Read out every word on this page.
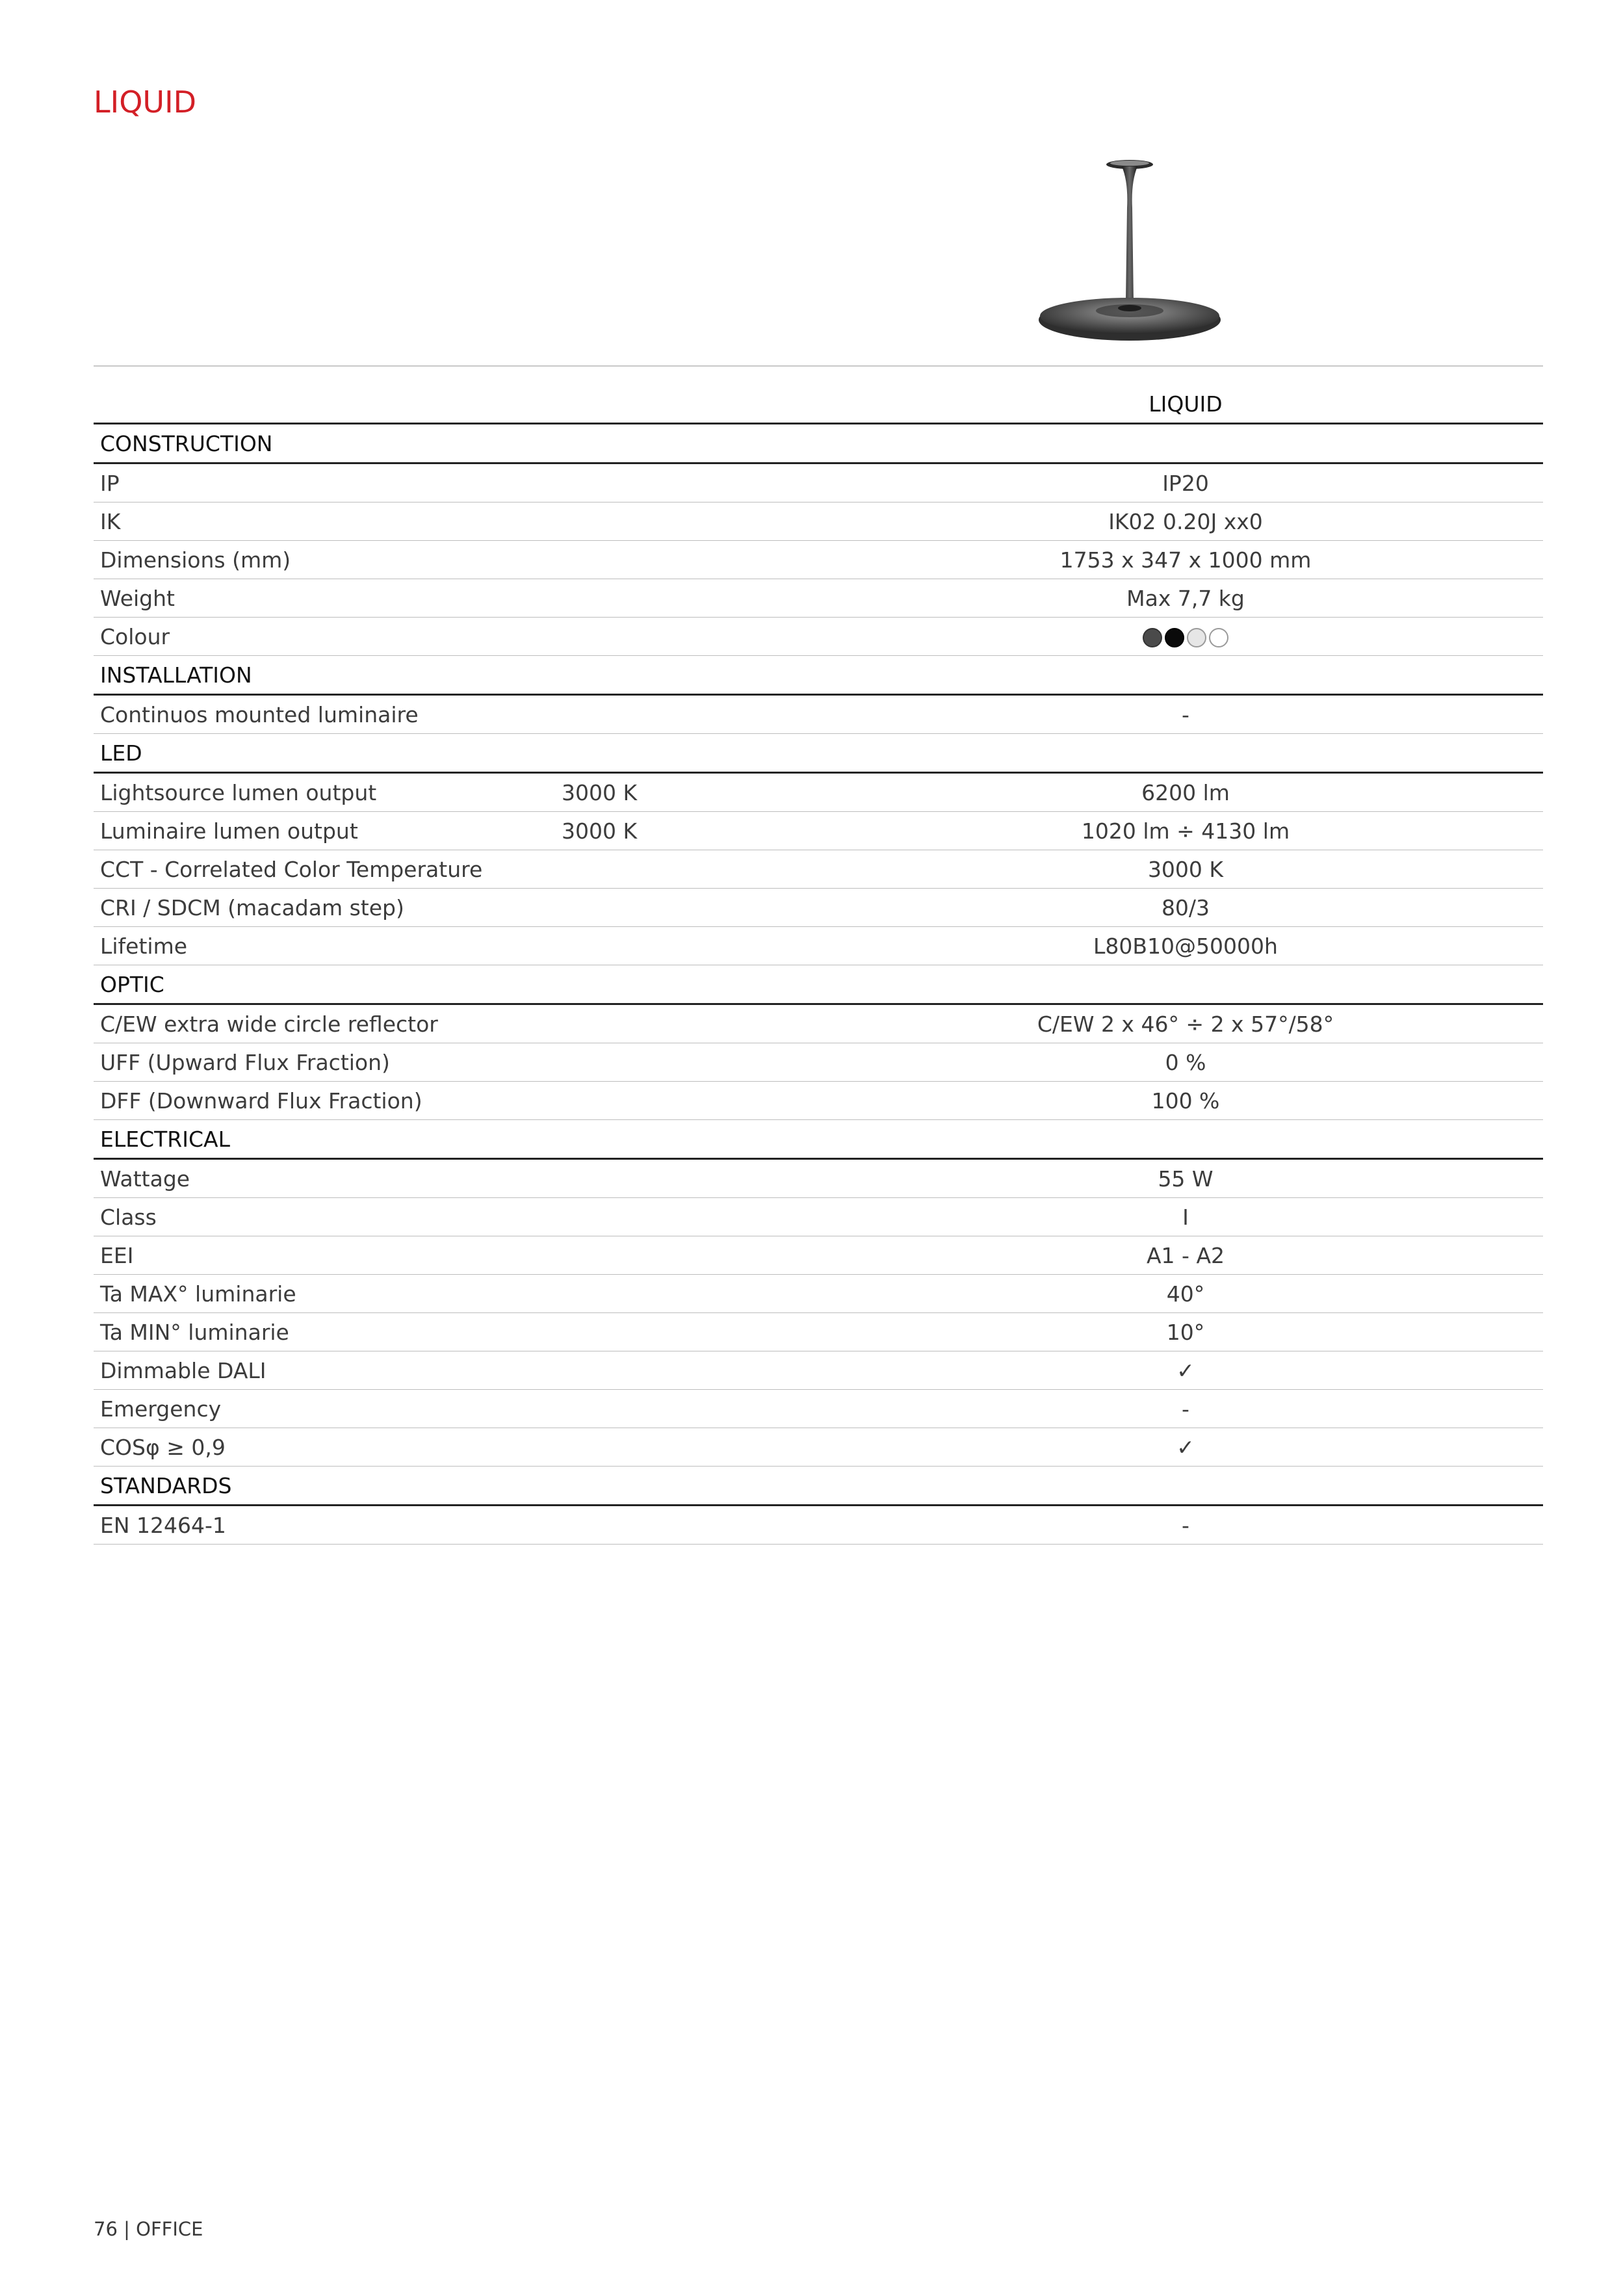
LIQUID
		LIQUID
CONSTRUCTION		
IP		IP20
IK		IK02 0.20J xx0
Dimensions (mm)		1753 x 347 x 1000 mm
Weight		Max 7,7 kg
Colour		

INSTALLATION		
Continuos mounted luminaire		-
LED		
Lightsource lumen output	3000 K	6200 lm
Luminaire lumen output	3000 K	1020 lm ÷ 4130 lm
CCT - Correlated Color Temperature		3000 K
CRI / SDCM (macadam step)		80/3
Lifetime		L80B10@50000h
OPTIC		
C/EW extra wide circle reflector		C/EW 2 x 46° ÷ 2 x 57°/58°
UFF (Upward Flux Fraction)		0 %
DFF (Downward Flux Fraction)		100 %
ELECTRICAL		
Wattage		55 W
Class		I
EEI		A1 - A2
Ta MAX° luminarie		40°
Ta MIN° luminarie		10°
Dimmable DALI		✓
Emergency		-
COSφ ≥ 0,9		✓
STANDARDS		
EN 12464-1		-
76 | OFFICE
